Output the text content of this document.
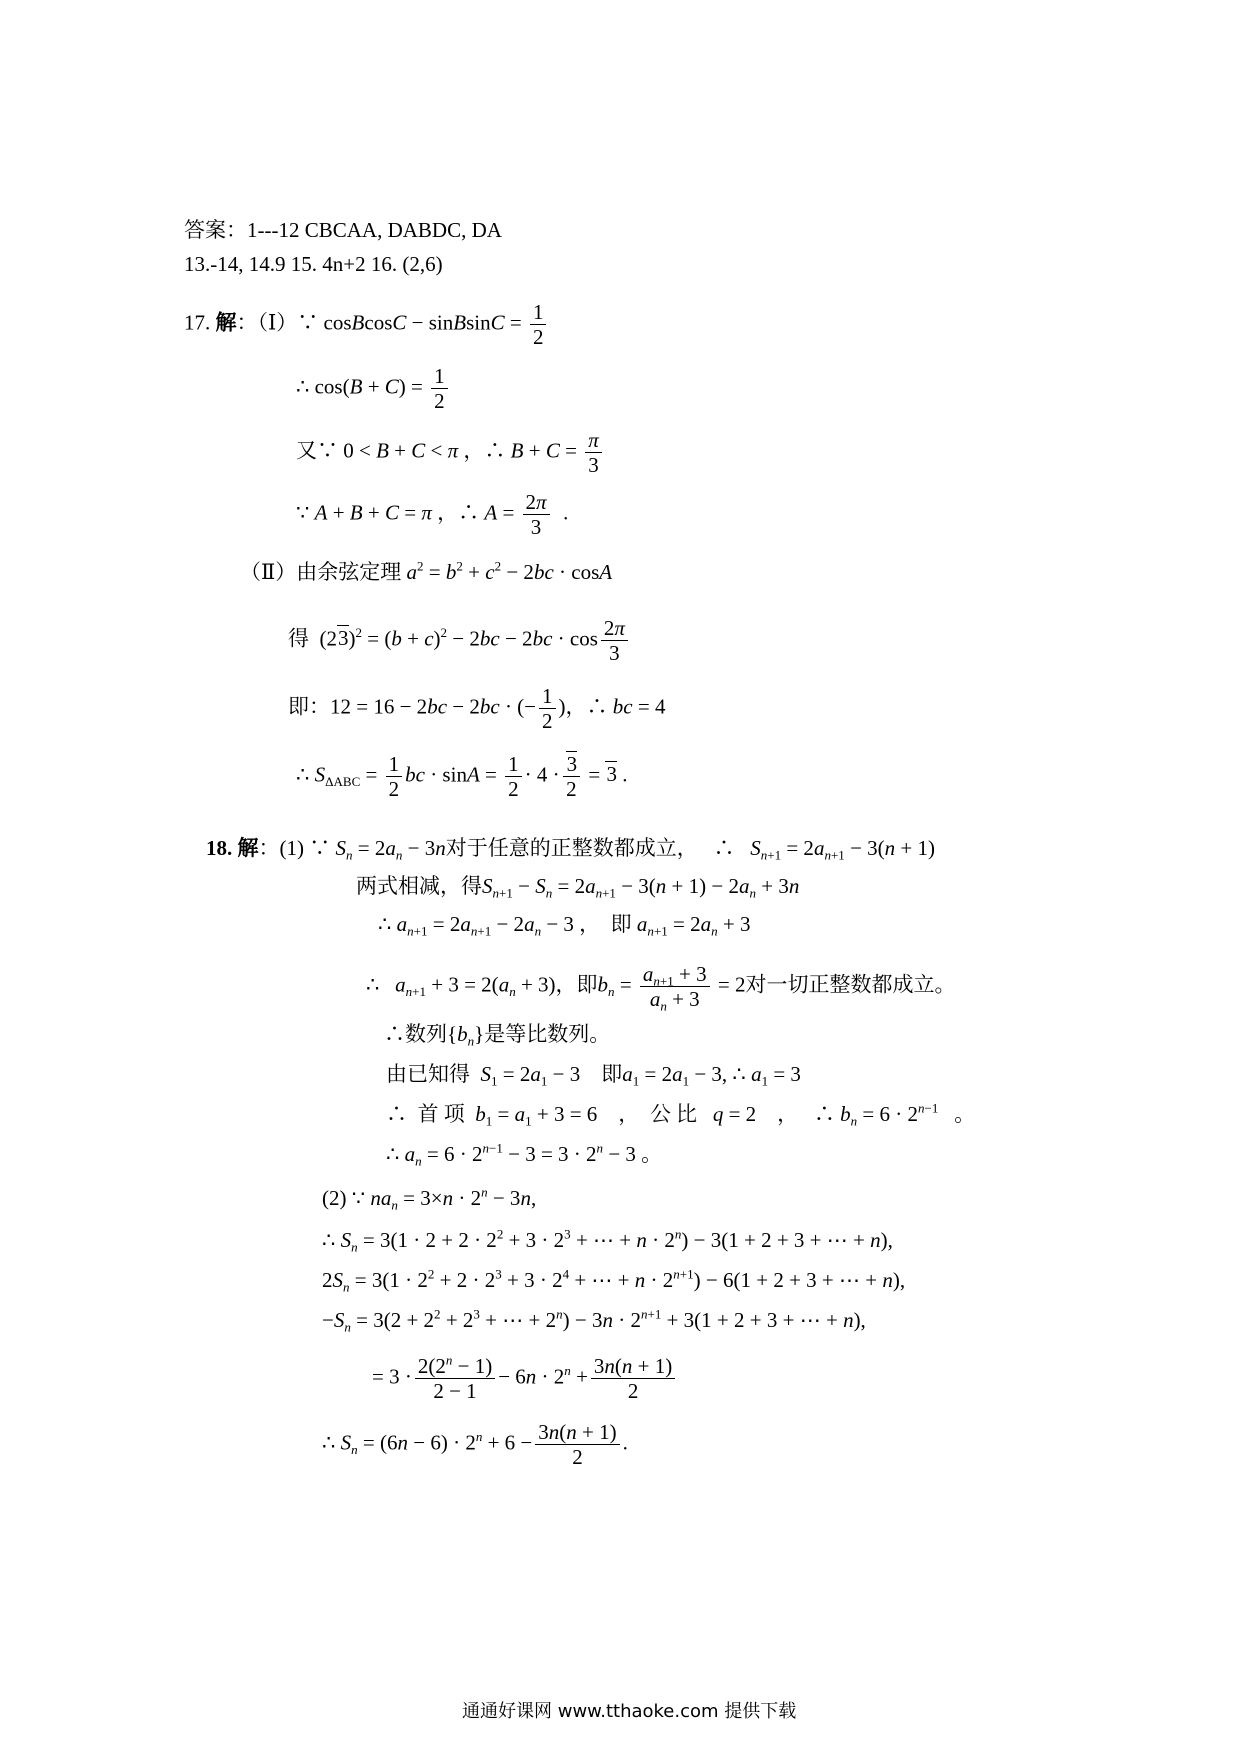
答案：1---12 CBCAA, DABDC, DA
13.-14, 14.9 15. 4n+2 16. (2,6)
17. 解：（Ⅰ）∵ cosBcosC − sinBsinC = $\frac{1}{2}$
∴ $\cos(B + C) = \frac{1}{2}$
又∵ 0 < B + C < π ，∴ $B + C = \frac{\pi}{3}$
∵ A + B + C = π ，∴ $A = \frac{2\pi}{3}$ .
（Ⅱ）由余弦定理 $a^2 = b^2 + c^2 - 2bc \cdot \cos A$
得  $(23)^2 = (b + c)^2 - 2bc - 2bc \cdot \cos \frac{2\pi}{3}$
即：12 = 16 − 2bc − 2bc · (− $\frac{1}{2}$ )，∴ bc = 4
∴ $S_{\Delta ABC} = \frac{1}{2}$ bc · $\sin A = \frac{1}{2} \cdot 4 \cdot \frac{3}{2} = 3$ .
18. 解：(1) ∵ $S_n = 2a_n - 3n$对于任意的正整数都成立，   ∴   $S_{n+1} = 2a_{n+1} - 3(n + 1)$
两式相减，得$S_{n+1} - S_n = 2a_{n+1} - 3(n + 1) - 2a_n + 3n$
∴ $a_{n+1} = 2a_{n+1} - 2a_n - 3$ ，  即 $a_{n+1} = 2a_n + 3$
∴   $a_{n+1} + 3 = 2(a_n + 3)$，即$b_n = \frac{a_{n+1} + 3}{a_n + 3} = 2$对一切正整数都成立。
∴数列$\{b_n\}$是等比数列。
由已知得 $S_1 = 2a_1 - 3$    即$a_1 = 2a_1 - 3$, ∴ $a_1 = 3$
∴  首 项 $b_1 = a_1 + 3 = 6$    ，  公 比 q = 2    ，   ∴ $b_n = 6 \cdot 2^{n-1}$   。
∴ $a_n = 6 \cdot 2^{n-1} - 3 = 3 \cdot 2^n - 3$ 。
(2) ∵ $na_n = 3\times n \cdot 2^n - 3n$,
∴ $S_n = 3(1 \cdot 2 + 2 \cdot 2^2 + 3 \cdot 2^3$ + ⋯ + $n \cdot 2^n) - 3(1 + 2 + 3$ + ⋯ + n),
$2S_n = 3(1 \cdot 2^2 + 2 \cdot 2^3 + 3 \cdot 2^4$ + ⋯ + $n \cdot 2^{n+1}) - 6(1 + 2 + 3$ + ⋯ + n),
$-S_n = 3(2 + 2^2 + 2^3$ + ⋯ + $2^n) - 3n \cdot 2^{n+1} + 3(1 + 2 + 3$ + ⋯ + n),
= $3 \cdot \frac{2(2^n - 1)}{2 - 1} - 6n \cdot 2^n + \frac{3n(n + 1)}{2}$
∴ $S_n = (6n - 6) \cdot 2^n + 6 - \frac{3n(n + 1)}{2}$ .
通通好课网 www.tthaoke.com 提供下载
